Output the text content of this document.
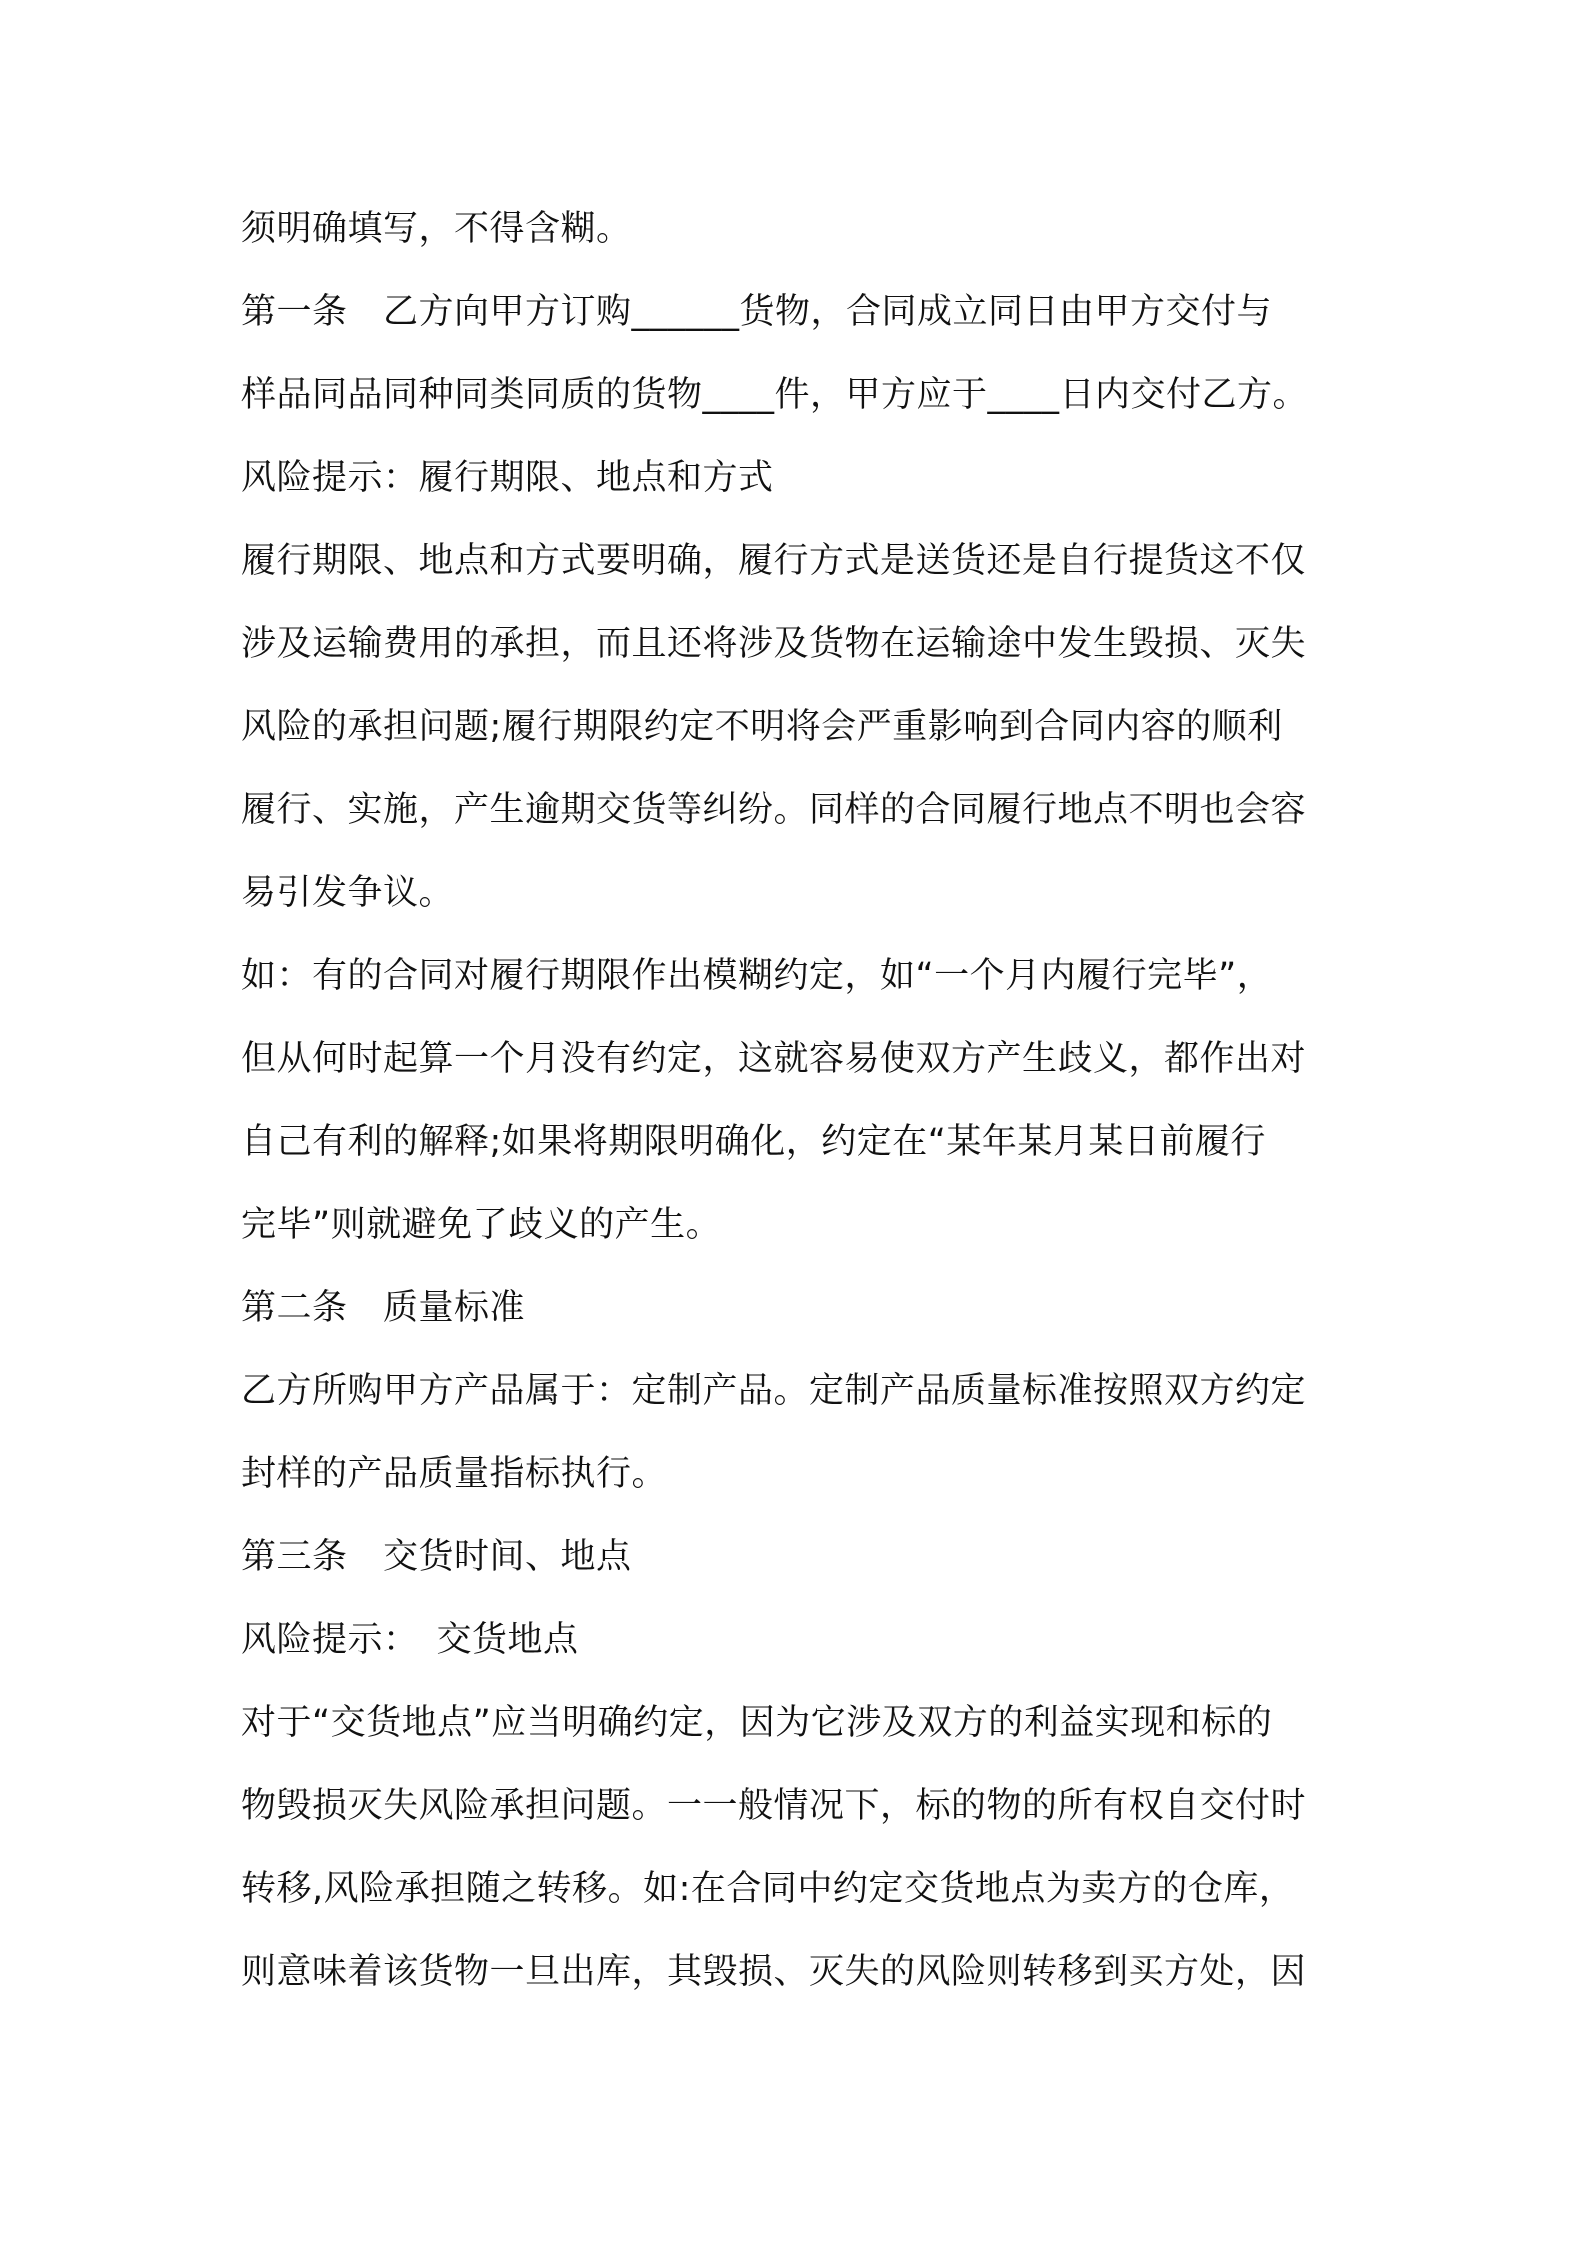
须明确填写，不得含糊。
第一条　乙方向甲方订购______货物，合同成立同日由甲方交付与
样品同品同种同类同质的货物____件，甲方应于____日内交付乙方。
风险提示：履行期限、地点和方式
履行期限、地点和方式要明确，履行方式是送货还是自行提货这不仅
涉及运输费用的承担，而且还将涉及货物在运输途中发生毁损、灭失
风险的承担问题;履行期限约定不明将会严重影响到合同内容的顺利
履行、实施，产生逾期交货等纠纷。同样的合同履行地点不明也会容
易引发争议。
如：有的合同对履行期限作出模糊约定，如“一个月内履行完毕”，
但从何时起算一个月没有约定，这就容易使双方产生歧义，都作出对
自己有利的解释;如果将期限明确化，约定在“某年某月某日前履行
完毕”则就避免了歧义的产生。
第二条　质量标准
乙方所购甲方产品属于：定制产品。定制产品质量标准按照双方约定
封样的产品质量指标执行。
第三条　交货时间、地点
风险提示：　交货地点
对于“交货地点”应当明确约定，因为它涉及双方的利益实现和标的
物毁损灭失风险承担问题。一一般情况下，标的物的所有权自交付时
转移,风险承担随之转移。如:在合同中约定交货地点为卖方的仓库，
则意味着该货物一旦出库，其毁损、灭失的风险则转移到买方处，因
